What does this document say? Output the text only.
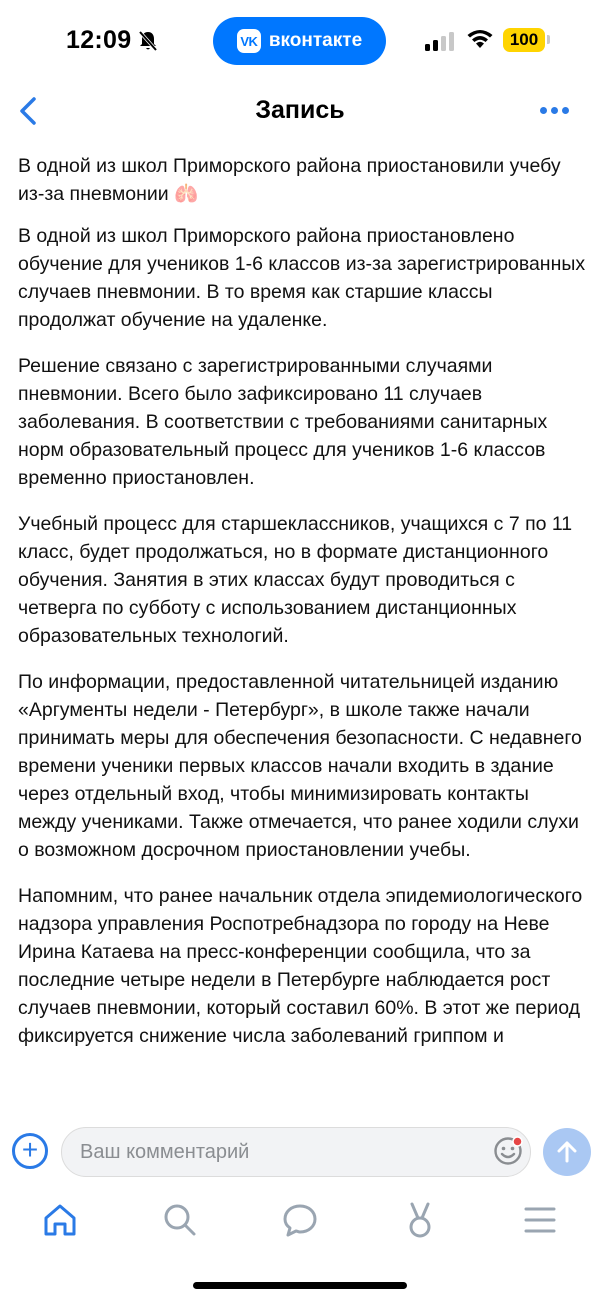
12:09	VK вконтакте	100
Запись

В одной из школ Приморского района приостановили учебу из-за пневмонии 🫁

В одной из школ Приморского района приостановлено обучение для учеников 1-6 классов из-за зарегистрированных случаев пневмонии. В то время как старшие классы продолжат обучение на удаленке.

Решение связано с зарегистрированными случаями пневмонии. Всего было зафиксировано 11 случаев заболевания. В соответствии с требованиями санитарных норм образовательный процесс для учеников 1-6 классов временно приостановлен.

Учебный процесс для старшеклассников, учащихся с 7 по 11 класс, будет продолжаться, но в формате дистанционного обучения. Занятия в этих классах будут проводиться с четверга по субботу с использованием дистанционных образовательных технологий.

По информации, предоставленной читательницей изданию «Аргументы недели - Петербург», в школе также начали принимать меры для обеспечения безопасности. С недавнего времени ученики первых классов начали входить в здание через отдельный вход, чтобы минимизировать контакты между учениками. Также отмечается, что ранее ходили слухи о возможном досрочном приостановлении учебы.

Напомним, что ранее начальник отдела эпидемиологического надзора управления Роспотребнадзора по городу на Неве Ирина Катаева на пресс-конференции сообщила, что за последние четыре недели в Петербурге наблюдается рост случаев пневмонии, который составил 60%. В этот же период фиксируется снижение числа заболеваний гриппом и

+	Ваш комментарий
